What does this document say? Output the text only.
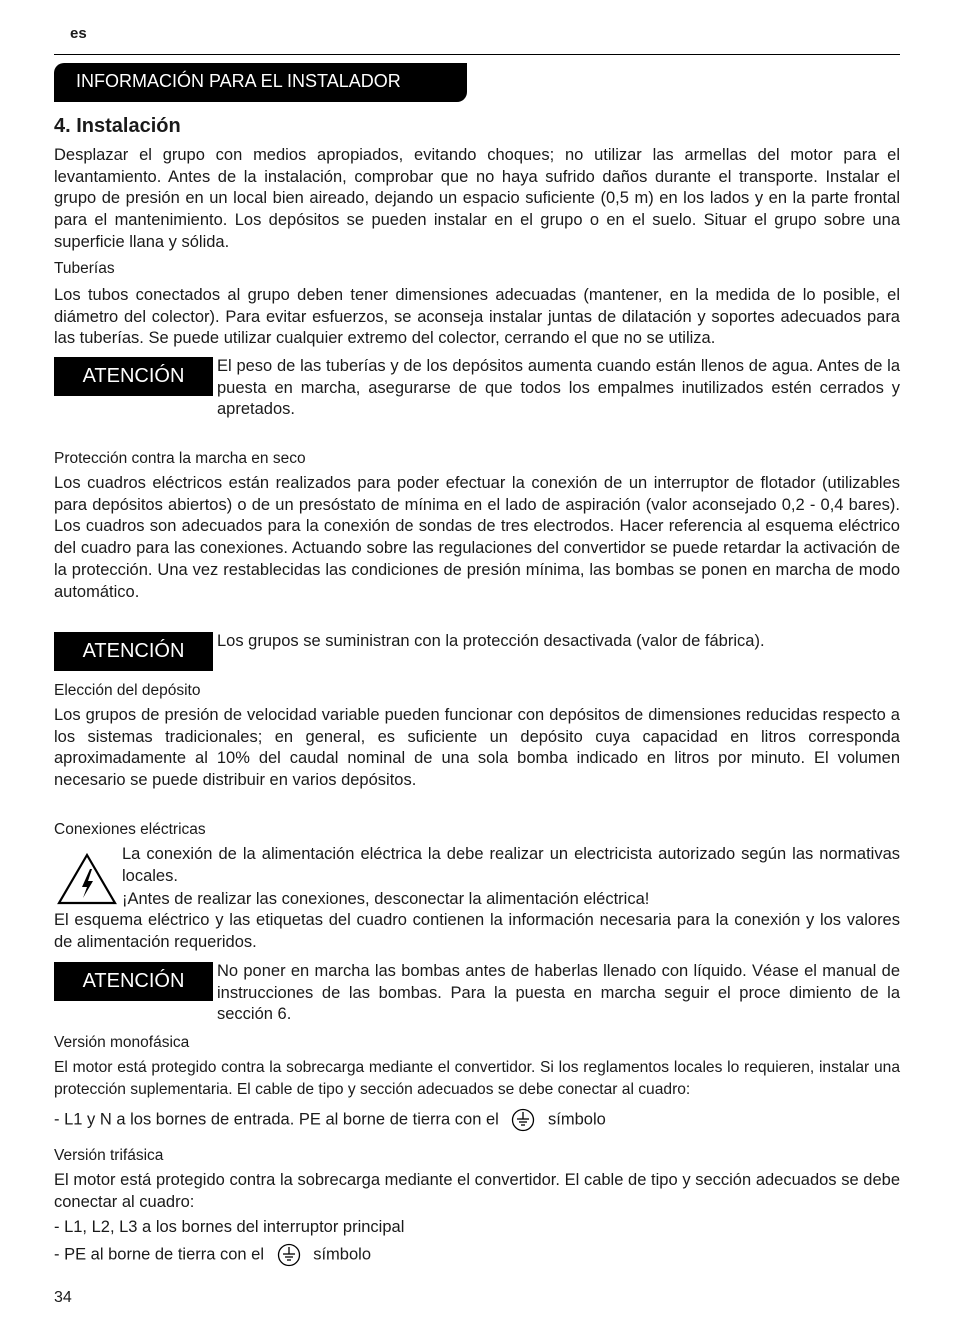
es
INFORMACIÓN PARA EL INSTALADOR
4. Instalación
Desplazar el grupo con medios apropiados, evitando choques; no utilizar las armellas del motor para el levantamiento. Antes de la instalación, comprobar que no haya sufrido daños durante el transporte. Instalar el grupo de presión en un local bien aireado, dejando un espacio suficiente (0,5 m) en los lados y en la parte frontal para el mantenimiento. Los depósitos se pueden instalar en el grupo o en el suelo. Situar el grupo sobre una superficie llana y sólida.
Tuberías
Los tubos conectados al grupo deben tener dimensiones adecuadas (mantener, en la medida de lo posible, el diámetro del colector). Para evitar esfuerzos, se aconseja instalar juntas de dilatación y soportes adecuados para las tuberías. Se puede utilizar cualquier extremo del colector, cerrando el que no se utiliza.
ATENCIÓN	El peso de las tuberías y de los depósitos aumenta cuando están llenos de agua. Antes de la puesta en marcha, asegurarse de que todos los empalmes inutilizados estén cerrados y apretados.
Protección contra la marcha en seco
Los cuadros eléctricos están realizados para poder efectuar la conexión de un interruptor de flotador (utilizables para depósitos abiertos) o de un presóstato de mínima en el lado de aspiración (valor aconsejado 0,2 - 0,4 bares). Los cuadros son adecuados para la conexión de sondas de tres electrodos. Hacer referencia al esquema eléctrico del cuadro para las conexiones. Actuando sobre las regulaciones del convertidor se puede retardar la activación de la protección. Una vez restablecidas las condiciones de presión mínima, las bombas se ponen en marcha de modo automático.
ATENCIÓN	Los grupos se suministran con la protección desactivada (valor de fábrica).
Elección del depósito
Los grupos de presión de velocidad variable pueden funcionar con depósitos de dimensiones reducidas respecto a los sistemas tradicionales; en general, es suficiente un depósito cuya capacidad en litros corresponda aproximadamente al 10% del caudal nominal de una sola bomba indicado en litros por minuto. El volumen necesario se puede distribuir en varios depósitos.
Conexiones eléctricas
La conexión de la alimentación eléctrica la debe realizar un electricista autorizado según las normativas locales.
¡Antes de realizar las conexiones, desconectar la alimentación eléctrica!
El esquema eléctrico y las etiquetas del cuadro contienen la información necesaria para la conexión y los valores de alimentación requeridos.
ATENCIÓN	No poner en marcha las bombas antes de haberlas llenado con líquido. Véase el manual de instrucciones de las bombas. Para la puesta en marcha seguir el proce dimiento de la sección 6.
Versión monofásica
El motor está protegido contra la sobrecarga mediante el convertidor. Si los reglamentos locales lo requieren, instalar una protección suplementaria. El cable de tipo y sección adecuados se debe conectar al cuadro:
- L1 y N a los bornes de entrada. PE al borne de tierra con el	símbolo
Versión trifásica
El motor está protegido contra la sobrecarga mediante el convertidor. El cable de tipo y sección adecuados se debe conectar al cuadro:
- L1, L2, L3 a los bornes del interruptor principal
- PE al borne de tierra con el	símbolo
34
